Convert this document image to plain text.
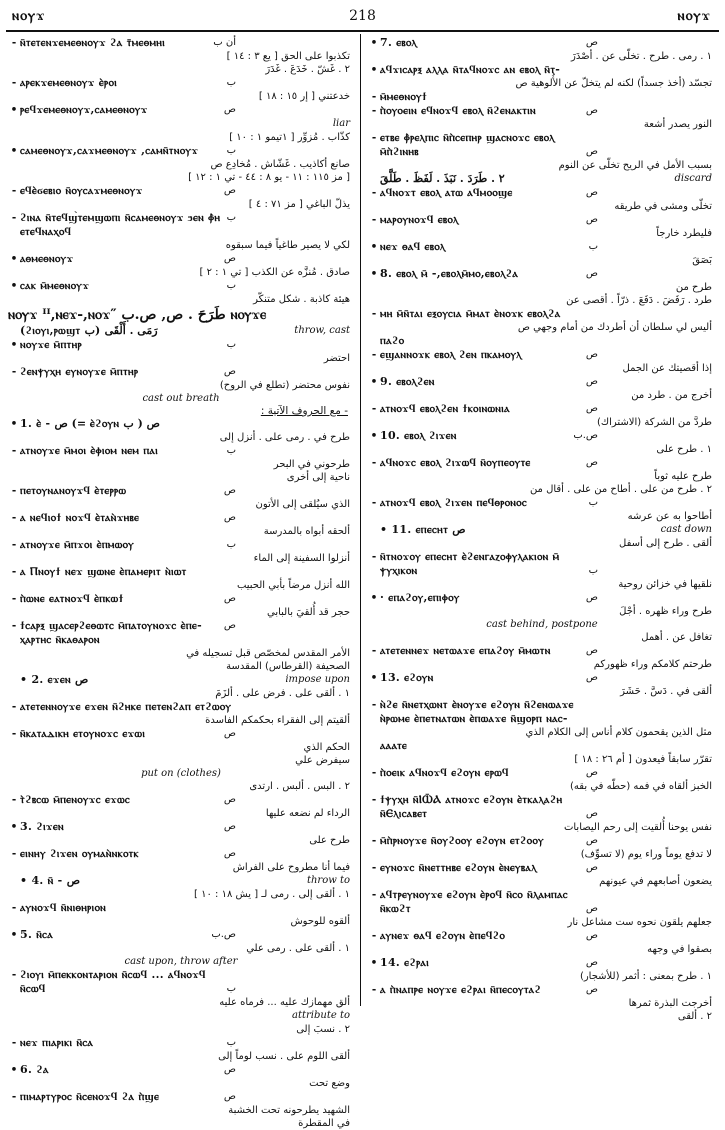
ⲛⲟⲩϫ	218	ⲛⲟⲩϫ
- ⲛ̄ⲧⲉⲧⲉⲛϫⲉⲙⲉⲑⲛⲟⲩϫ ϩⲁ ⲧ̄ⲙⲉⲑⲙⲏⲓ	أن ب
تكذبوا على الحق [ يع ٣ : ١٤ ]
٢ . غَشّ . خَدَعَ . غَدَرَ
- ⲁⲣⲉⲕϫⲉⲙⲉⲑⲛⲟⲩϫ ⲉ̀ⲣⲟⲓ	ب
خدعتني [ إر ١٥ : ١٨ ]
• ⲣⲉϥϫⲉⲙⲉⲑⲛⲟⲩϫ,ⲥⲁⲙⲉⲑⲛⲟⲩϫ	ص
liar
كذّاب . مُزوِّر [ ١تيمو ١ : ١٠ ]
• ⲥⲁⲙⲉⲑⲛⲟⲩϫ,ⲥⲁϫⲙⲉⲑⲛⲟⲩϫ ,ⲥⲁⲙⲛ̄ⲧⲛⲟⲩϫ	ب
صانع أكاذيب . غَشّاش . مُخادِع ص
[ مز ١١٥ : ١١ - يو ٨ : ٤٤ - تي ١ : ١٢ ]
- ⲉϥⲉ̀ϭⲉⲃⲓⲟ ⲛ̄ⲟⲩⲥⲁϫⲙⲉⲑⲛⲟⲩϫ	ص
يذلّ الباغي [ مز ٧١ : ٤ ]
- ϩⲓⲛⲁ ⲛ̄ⲧⲉϥϣ̀ⲧⲉⲙϣⲱⲡⲓ ⲛ̄ⲥⲁⲙⲉⲑⲛⲟⲩϫ ϧⲉⲛ ⲫ̀ⲏ ب
ⲉⲧⲉϥⲛⲁⲭⲟϥ
لكي لا يصير طاغياً فيما سبقوه
• ⲁⲑⲙⲉⲑⲛⲟⲩϫ	ص
صادق . مُنزَّه عن الكذب [ تي ١ : ٢ ]
• ⲥⲁⲕ ⲙ̄ⲙⲉⲑⲛⲟⲩϫ	ب
هيئة كاذبة . شكل متنكّر
ⲛⲟⲩϫ ᴵᴵ,ⲛⲉϫ-,ⲛⲟϫ″ طَرَحَ . ص, ص.ب ⲛⲟⲩϫⲉ
(ϩⲓⲟⲩⲓ,ⲣⲱϣⲧ ب) رَمَى . أَلْقَى	throw, cast
• ⲛⲟⲩϫⲉ ⲙ̄ⲡⲧⲏⲣ	ب
احتضر
- ϩⲉⲛⲯⲩⲭⲏ ⲉⲩⲛⲟⲩϫⲉ ⲙ̄ⲡⲧⲏⲣ	ص
نفوس محتضر (تطلع في الروح)
cast out breath
- مع الحروف الآتية :
• 1. ⲉ̀ - ص (= ⲉ̀ϩⲟⲩⲛ ب ) ص
طرح في . رمى على . أنزل إلى
- ⲁⲧⲛⲟⲩϫⲉ ⲙ̄ⲙⲟⲓ ⲉ̀ⲫⲓⲟⲙ ⲛⲉⲙ ⲡⲁⲓ	ب
طرحوني في البحر
ناحية إلى أخرى
- ⲡⲉⲧⲟⲩⲛⲁⲛⲟⲩϫϥ ⲉ̀ⲧⲉⲣⲣⲱ	ص
الذي سيُلقى إلى الأتون
- ⲁ ⲛⲉϥⲓⲟϯ ⲛⲟϫϥ ⲉ̀ⲧⲁⲛ̀ϫⲏⲃⲉ	ص
ألحقه أبواه بالمدرسة
- ⲁⲧⲛⲟⲩϫⲉ ⲙ̄ⲡϫⲟⲓ ⲉ̀ⲡⲙⲱⲟⲩ	ب
أنزلوا السفينة إلى الماء
- ⲁ Ⲡⲛⲟⲩϯ ⲛⲉϫ ϣⲱⲛⲉ ⲉ̀ⲡⲁⲙⲉⲣⲓⲧ ⲛ̀ⲓⲱⲧ
الله أنزل مرضاً بأبي الحبيب
- ⲡ̀ⲱⲛⲉ ⲉⲁⲧⲛⲟϫϥ ⲉ̀ⲡⲕⲱϯ	ص
حجر قد أُلقيَ بالبابي
- ϯⲥⲁⲣⲝ ϣⲁⲥⲉⲣϩⲉⲑⲱⲧⲥ ⲙ̄ⲡⲁⲧⲟⲩⲛⲟϫⲥ ⲉ̀ⲡⲉ- ص
ⲭⲁⲣⲧⲏⲥ ⲛ̄ⲕⲁⲑⲁⲣⲟⲛ
الأمر المقدس لمخصّص قبل تسجيله في
الصحيفة (القرطاس) المقدسة
• 2. ⲉϫⲉⲛ ص	impose upon
١ . ألقى على . فرض على . ألزَمَ
- ⲁⲧⲉⲧⲉⲛⲛⲟⲩϫⲉ ⲉϫⲉⲛ ⲛ̄ϩⲏⲕⲉ ⲡⲉⲧⲉⲛϩⲁⲡ ⲉⲧϩⲱⲟⲩ
ألقيتم إلى الفقراء بحكمكم الفاسدة
- ⲛ̄ⲕⲁⲧⲁⲇⲓⲕⲏ ⲉⲧⲟⲩⲛⲟϫⲥ ⲉϫⲱⲓ	ص
الحكم الذي
سيفرض علي
put on (clothes)
٢ . البس . ألبس . ارتدى
- ⲧ̀ϩⲃⲥⲱ ⲙ̄ⲡⲉⲛⲟⲩϫⲥ ⲉϫⲱⲥ	ص
الرداء لم نضعه عليها
• 3. ϩⲓϫⲉⲛ	ص
طرح على
- ⲉⲓⲛⲏⲩ ϩⲓϫⲉⲛ ⲟⲩⲙⲁⲛ̀ⲛⲕⲟⲧⲕ	ص
فيما أنا مطروح على الفراش
• 4. ⲛ̄ - ص	throw to
١ . ألقى إلى . رمى لـ [ يش ١٨ : ١٠ ]
- ⲁⲩⲛⲟϫϥ ⲛ̄ⲛⲓⲑⲏⲣⲓⲟⲛ
ألقوه للوحوش
• 5. ⲛ̄ⲥⲁ	ص.ب
١ . ألقى على . رمى علي
cast upon, throw after
- ϩⲓⲟⲩⲓ ⲙ̄ⲡⲉⲕⲕⲟⲛⲧⲁⲣⲓⲟⲛ ⲛ̄ⲥⲱϥ ... ⲁϥⲛⲟϫϥ
ⲛ̄ⲥⲱϥ	ب
ألق مهمازك عليه ... فرماه عليه
attribute to
٢ . نسبَ إلى
- ⲛⲉϫ ⲡⲓⲁⲣⲓⲕⲓ ⲛ̄ⲥⲁ	ب
ألقى اللوم على . نسب لوماً إلى
• 6. ϩⲁ	ص
وضع تحت
- ⲡⲓⲙⲁⲣⲧⲩⲣⲟⲥ ⲛ̄ⲥⲉⲛⲟϫϥ ϩⲁ ⲡ̀ϣⲉ	ص
الشهيد يطرحونه تحت الخشبة
في المقطرة
• 7. ⲉⲃⲟⲗ	ص
١ . رمى . طرح . تخلّى عن . أصْدَرَ
• ⲁϥϫⲓⲥⲁⲣⲝ ⲁⲗⲗⲁ ⲛ̄ⲧⲁϥⲛⲟϫⲥ ⲁⲛ ⲉⲃⲟⲗ ⲛ̄ⲧ-
تجسّد (أخذ جسداً) لكنه لم يتخلّ عن الأُلوهية ص
- ⲙ̄ⲙⲉⲑⲛⲟⲩϯ
- ⲡ̀ⲟⲩⲟⲉⲓⲛ ⲉϥⲛⲟϫϥ ⲉⲃⲟⲗ ⲛ̄ϩⲉⲛⲁⲕⲧⲓⲛ	ص
النور يصدر أشعة
- ⲉⲧⲃⲉ ⲫ̀ⲣⲉⲗⲡⲓⲥ ⲛ̄ⲡ̀ⲥⲉⲡⲏⲣ ϣⲁⲥⲛⲟϫⲥ ⲉⲃⲟⲗ
ⲙ̄ⲡ̀ϩⲓⲛⲏⲃ	ص
بسبب الأمل في الريح تخلّى عن النوم
٢ . طَرَدَ . نَبَذَ . لَفَظَ . طَلَّقَ	discard
- ⲁϥⲛⲟϫⲧ ⲉⲃⲟⲗ ⲁⲧⲱ ⲁϥⲙⲟⲟϣⲉ	ص
تخلّى ومشى في طريقه
- ⲙⲁⲣⲟⲩⲛⲟϫϥ ⲉⲃⲟⲗ	ص
فليطرد خارجاً
• ⲛⲉϫ ⲑⲁϥ ⲉⲃⲟⲗ	ب
بَصَقَ
• 8. ⲉⲃⲟⲗ ⲙ̄ -,ⲉⲃⲟⲗⲙ̄ⲙⲟ,ⲉⲃⲟⲗϩⲁ	ص
طرح من
طرد . رَفَضَ . دَفَعَ . ذرّاً . أقصى عن
- ⲙⲏ ⲙ̄ⲛ̄ⲧⲁⲓ ⲉⲝⲟⲩⲥⲓⲁ ⲙ̄ⲙⲁⲧ ⲉ̀ⲛⲟϫⲕ ⲉⲃⲟⲗϩⲁ
أليس لي سلطان أن أطردك من أمام وجهي ص
ⲡⲁϩⲟ
- ⲉϣⲁⲛⲛⲟϫⲕ ⲉⲃⲟⲗ ϩⲉⲛ ⲡⲕⲁⲙⲟⲩⲗ	ص
إذا أقصيتك عن الجمل
• 9. ⲉⲃⲟⲗϩⲉⲛ	ص
أخرج من . طرد من
- ⲁⲧⲛⲟϫϥ ⲉⲃⲟⲗϩⲉⲛ ϯⲕⲟⲓⲛⲱⲛⲓⲁ	ص
طردَّ من الشركة (الاشتراك)
• 10. ⲉⲃⲟⲗ ϩⲓϫⲉⲛ	ص.ب
١ . طرح على
- ⲁϥⲛⲟϫⲥ ⲉⲃⲟⲗ ϩⲓϫⲱϥ ⲛ̄ⲟⲩⲡⲉⲟⲩⲧⲉ	ص
طرح عليه ثوباً
٢ . طرح من على . أطاح من على . أقال من
- ⲁⲧⲛⲟϫϥ ⲉⲃⲟⲗ ϩⲓϫⲉⲛ ⲡⲉϥⲑⲣⲟⲛⲟⲥ	ب
أطاحوا به عن عرشه
• 11. ⲉⲡⲉⲥⲏⲧ ص	cast down
ألقى . طرح إلى أسفل
- ⲛ̄ⲧⲛⲟϫⲟⲩ ⲉⲡⲉⲥⲏⲧ ⲉ̀ϩⲉⲛⲅⲁⲍⲟⲫⲩⲗⲁⲕⲓⲟⲛ ⲙ̄
ⲯⲩⲭⲓⲕⲟⲛ	ب
نلقيها في خزائن روحية
• · ⲉⲡⲁϩⲟⲩ,ⲉⲡⲓⲫⲟⲩ	ص
طرح وراء ظهره . أجْلَ
cast behind, postpone
تغافل عن . أهمل
- ⲁⲧⲉⲧⲉⲛⲛⲉϫ ⲛⲉⲧⲱⲁϫⲉ ⲉⲡⲁϩⲟⲩ ⲙ̄ⲙⲱⲧⲛ	ص
طرحتم كلامكم وراء ظهوركم
• 13. ⲉϩⲟⲩⲛ	ص
ألقى في . دَسَّ . حَشَرَ
- ⲛ̀ϩⲉ ⲛ̄ⲛⲉⲧⲭⲱⲛⲧ ⲉ̀ⲛⲟⲩϫⲉ ⲉϩⲟⲩⲛ ⲛ̄ϩⲉⲛⲱⲁϫⲉ
ⲛ̀ⲣⲱⲙⲉ ⲉ̀ⲡⲉⲧⲛⲁⲧⲱⲛ ⲉ̀ⲡⲱⲁϫⲉ ⲛ̄ϣⲟⲣⲡ ⲛⲁⲥ-
مثل الذين يقحمون كلام أناس إلى الكلام الذي
ⲁⲁⲁⲧⲉ
تقرّر سابقاً فيعدون [ أم ٢٦ : ١٨ ]
- ⲡ̀ⲟⲉⲓⲕ ⲁϥⲛⲟϫϥ ⲉϩⲟⲩⲛ ⲉⲣⲱϥ	ص
الخبز ألقاه في فمه (حطّه في بقه)
- ϯⲯⲩⲭⲏ ⲛ̄ⲒⲰ̄Ⲁ ⲁⲧⲛⲟϫⲥ ⲉϩⲟⲩⲛ ⲉ̀ⲧⲕⲁⲗⲁϩⲏ
ⲛ̄Ⲉⲗⲓⲥⲁⲃⲉⲧ	ص
نفس يوحنا أُلقيت إلى رحم اليصابات
- ⲙ̄ⲡ̀ⲣⲛⲟⲩϫⲉ ⲛ̄ⲟⲩϩⲟⲟⲩ ⲉϩⲟⲩⲛ ⲉⲧϩⲟⲟⲩ	ص
لا تدفع يوماً وراء يوم (لا تسوِّف)
- ⲉⲩⲛⲟϫⲥ ⲛ̄ⲛⲉⲧⲧⲏⲃⲉ ⲉϩⲟⲩⲛ ⲉ̀ⲛⲉⲩⲃⲁⲗ	ص
يضعون أصابعهم في عيونهم
- ⲁϥⲧⲣⲉⲩⲛⲟⲩϫⲉ ⲉϩⲟⲩⲛ ⲉ̀ⲣⲟϥ ⲛ̄ⲥⲟ ⲛ̄ⲗⲁⲙⲡⲁⲥ
ⲛ̄ⲕⲱϩⲧ	ص
جعلهم يلقون نحوه ست مشاعل نار
- ⲁⲩⲛⲉϫ ⲑⲁϥ ⲉϩⲟⲩⲛ ⲉ̀ⲡⲉϥϩⲟ	ص
بصقوا في وجهه
• 14. ⲉϩⲣⲁⲓ	ص
١ . طرح بمعنى : أثمر (للأشجار)
- ⲁ ⲡ̀ⲛⲁⲡⲣⲉ ⲛⲟⲩϫⲉ ⲉϩⲣⲁⲓ ⲛ̄ⲡⲉⲥⲟⲩⲧⲁϩ	ص
أخرجت البذرة ثمرها
٢ . ألقى
